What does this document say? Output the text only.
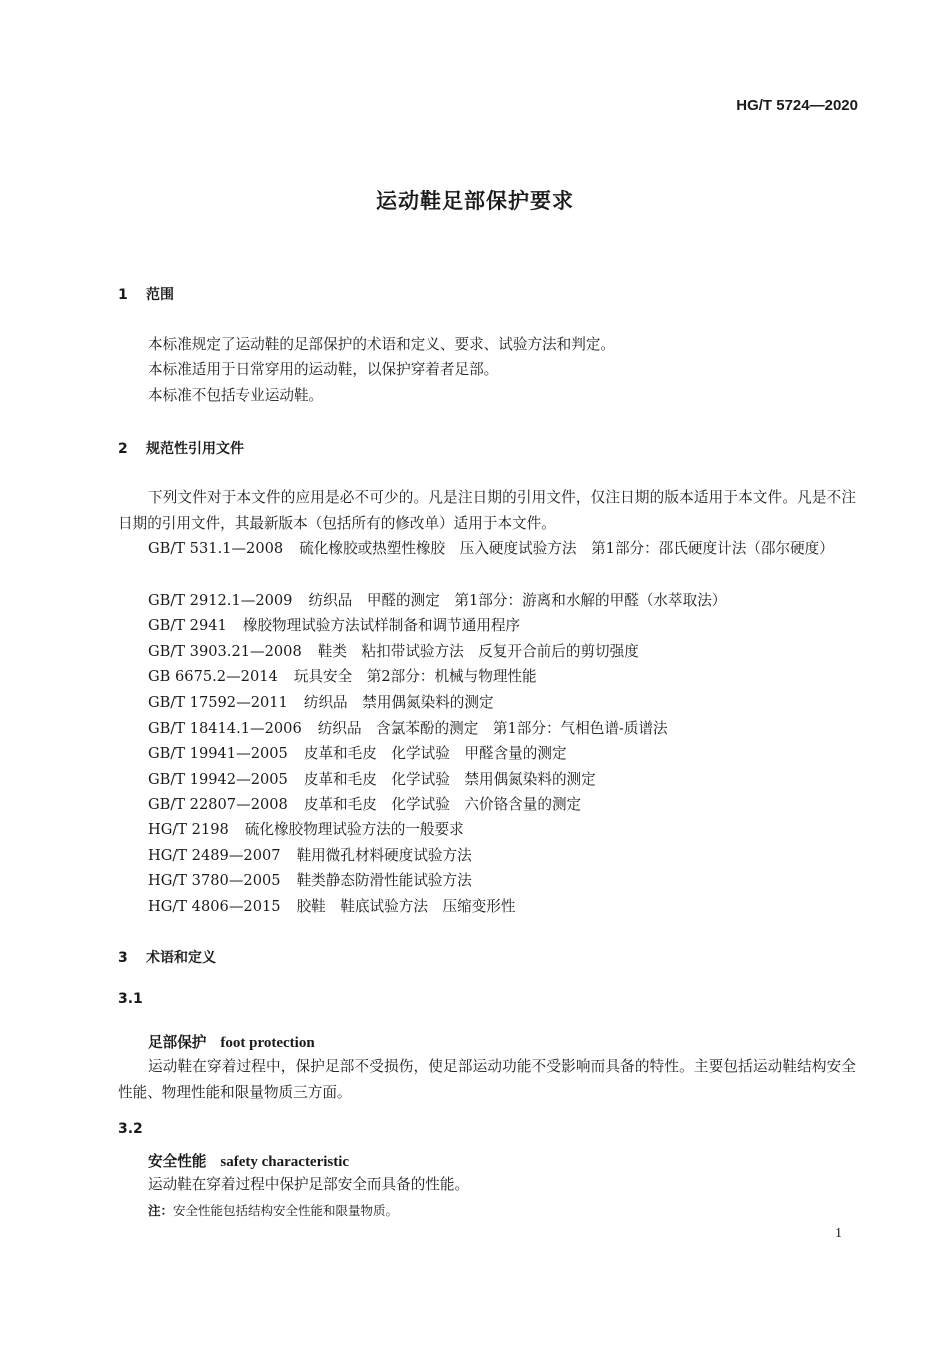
HG/T 5724—2020
运动鞋足部保护要求
1 范围
本标准规定了运动鞋的足部保护的术语和定义、要求、试验方法和判定。
本标准适用于日常穿用的运动鞋，以保护穿着者足部。
本标准不包括专业运动鞋。
2 规范性引用文件
下列文件对于本文件的应用是必不可少的。凡是注日期的引用文件，仅注日期的版本适用于本文件。凡是不注日期的引用文件，其最新版本（包括所有的修改单）适用于本文件。
GB/T 531.1—2008 硫化橡胶或热塑性橡胶　压入硬度试验方法　第1部分：邵氏硬度计法（邵尔硬度）
GB/T 2912.1—2009 纺织品　甲醛的测定　第1部分：游离和水解的甲醛（水萃取法）
GB/T 2941 橡胶物理试验方法试样制备和调节通用程序
GB/T 3903.21—2008 鞋类　粘扣带试验方法　反复开合前后的剪切强度
GB 6675.2—2014 玩具安全　第2部分：机械与物理性能
GB/T 17592—2011 纺织品　禁用偶氮染料的测定
GB/T 18414.1—2006 纺织品　含氯苯酚的测定　第1部分：气相色谱-质谱法
GB/T 19941—2005 皮革和毛皮　化学试验　甲醛含量的测定
GB/T 19942—2005 皮革和毛皮　化学试验　禁用偶氮染料的测定
GB/T 22807—2008 皮革和毛皮　化学试验　六价铬含量的测定
HG/T 2198 硫化橡胶物理试验方法的一般要求
HG/T 2489—2007 鞋用微孔材料硬度试验方法
HG/T 3780—2005 鞋类静态防滑性能试验方法
HG/T 4806—2015 胶鞋　鞋底试验方法　压缩变形性
3 术语和定义
3.1
足部保护 foot protection
运动鞋在穿着过程中，保护足部不受损伤，使足部运动功能不受影响而具备的特性。主要包括运动鞋结构安全性能、物理性能和限量物质三方面。
3.2
安全性能 safety characteristic
运动鞋在穿着过程中保护足部安全而具备的性能。
注：安全性能包括结构安全性能和限量物质。
1
